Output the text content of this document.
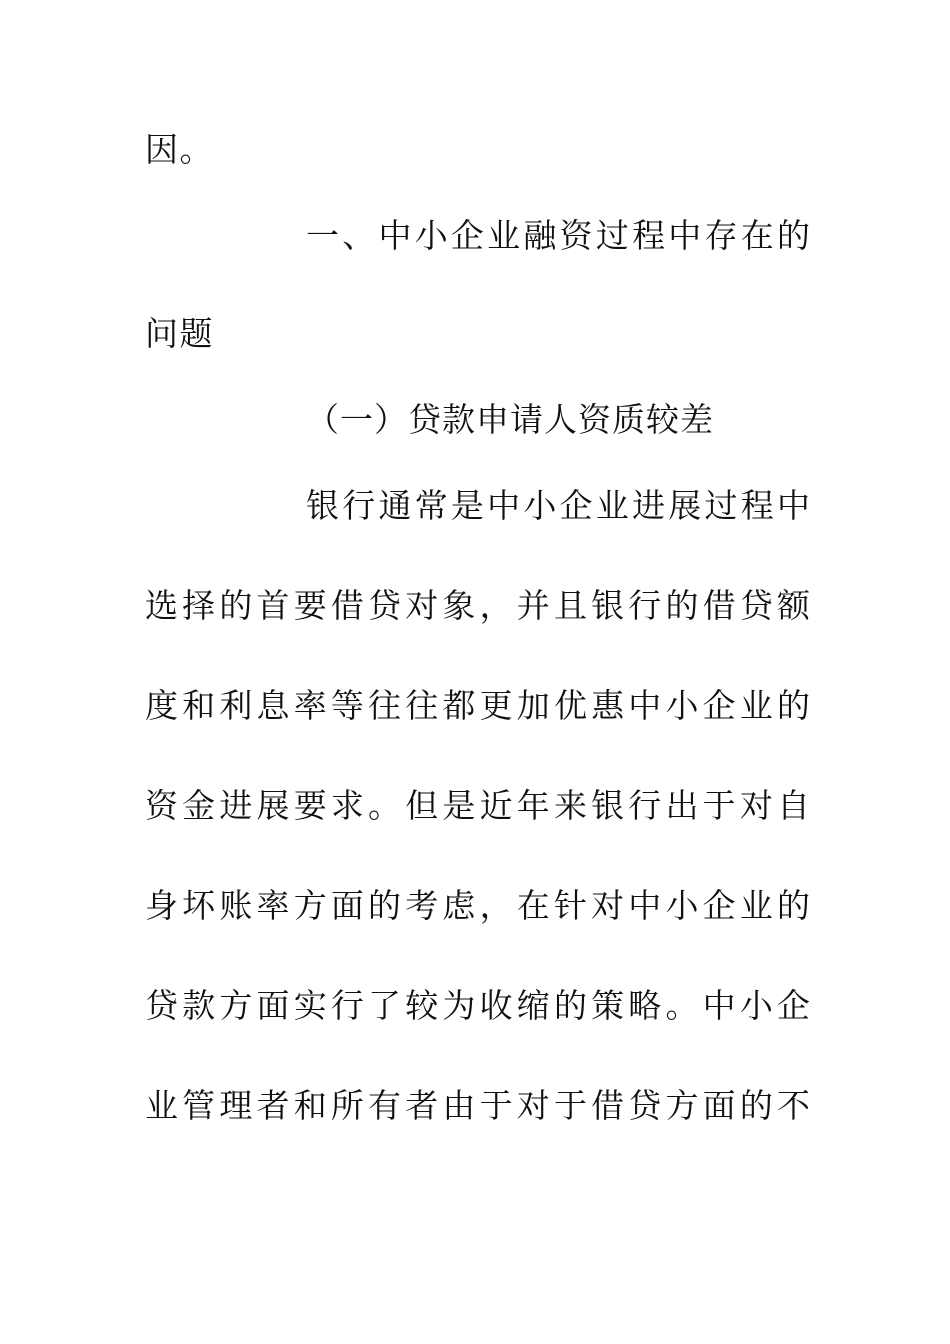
因。
一、中小企业融资过程中存在的
问题
（一）贷款申请人资质较差
银行通常是中小企业进展过程中
选择的首要借贷对象，并且银行的借贷额
度和利息率等往往都更加优惠中小企业的
资金进展要求。但是近年来银行出于对自
身坏账率方面的考虑，在针对中小企业的
贷款方面实行了较为收缩的策略。中小企
业管理者和所有者由于对于借贷方面的不
